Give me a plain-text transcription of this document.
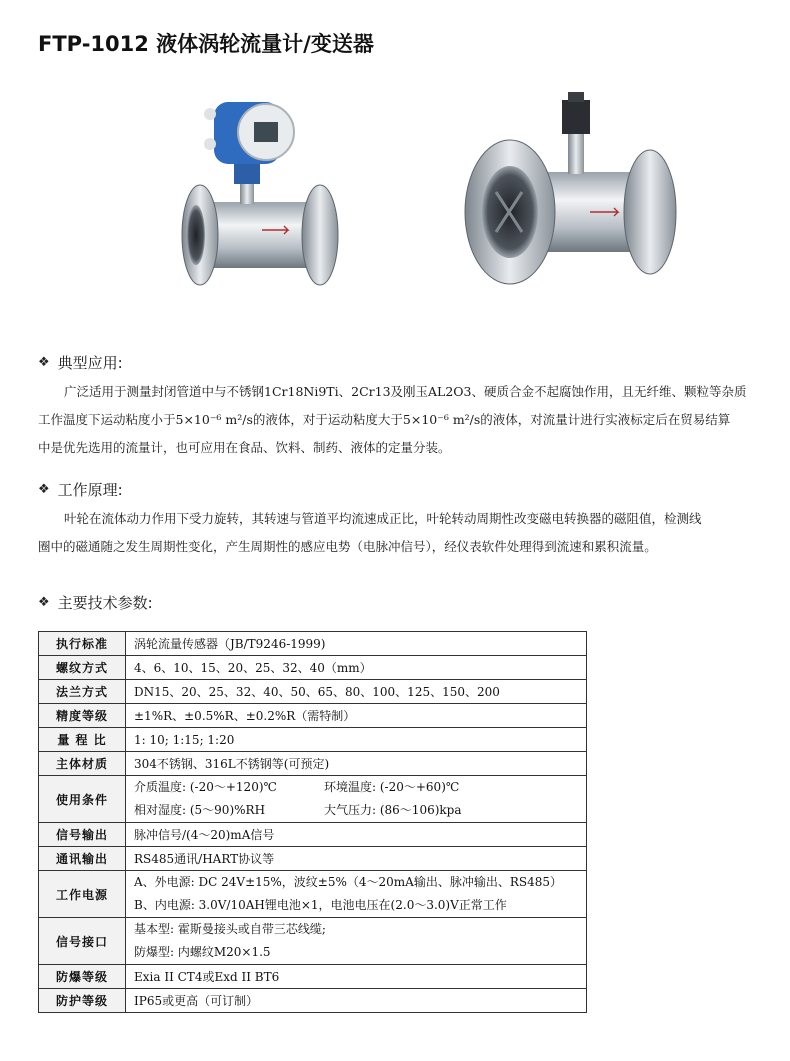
FTP-1012 液体涡轮流量计/变送器
❖ 典型应用:
广泛适用于测量封闭管道中与不锈钢1Cr18Ni9Ti、2Cr13及刚玉AL2O3、硬质合金不起腐蚀作用，且无纤维、颗粒等杂质
工作温度下运动粘度小于5×10⁻⁶ m²/s的液体，对于运动粘度大于5×10⁻⁶ m²/s的液体，对流量计进行实液标定后在贸易结算
中是优先选用的流量计，也可应用在食品、饮料、制药、液体的定量分装。
❖ 工作原理:
叶轮在流体动力作用下受力旋转，其转速与管道平均流速成正比，叶轮转动周期性改变磁电转换器的磁阻值，检测线
圈中的磁通随之发生周期性变化，产生周期性的感应电势（电脉冲信号），经仪表软件处理得到流速和累积流量。
❖ 主要技术参数:
执行标准	涡轮流量传感器（JB/T9246-1999)
螺纹方式	4、6、10、15、20、25、32、40（mm）
法兰方式	DN15、20、25、32、40、50、65、80、100、125、150、200
精度等级	±1%R、±0.5%R、±0.2%R（需特制）
量 程 比	1: 10; 1:15; 1:20
主体材质	304不锈钢、316L不锈钢等(可预定)
使用条件	介质温度: (-20～+120)℃ 环境温度: (-20～+60)℃
相对湿度: (5～90)%RH 大气压力: (86～106)kpa

信号输出	脉冲信号/(4～20)mA信号
通讯输出	RS485通讯/HART协议等
工作电源	A、外电源: DC 24V±15%，波纹±5%（4～20mA输出、脉冲输出、RS485）
B、内电源: 3.0V/10AH锂电池×1，电池电压在(2.0～3.0)V正常工作

信号接口	基本型: 霍斯曼接头或自带三芯线缆;
防爆型: 内螺纹M20×1.5

防爆等级	Exia II CT4或Exd II BT6
防护等级	IP65或更高（可订制）
